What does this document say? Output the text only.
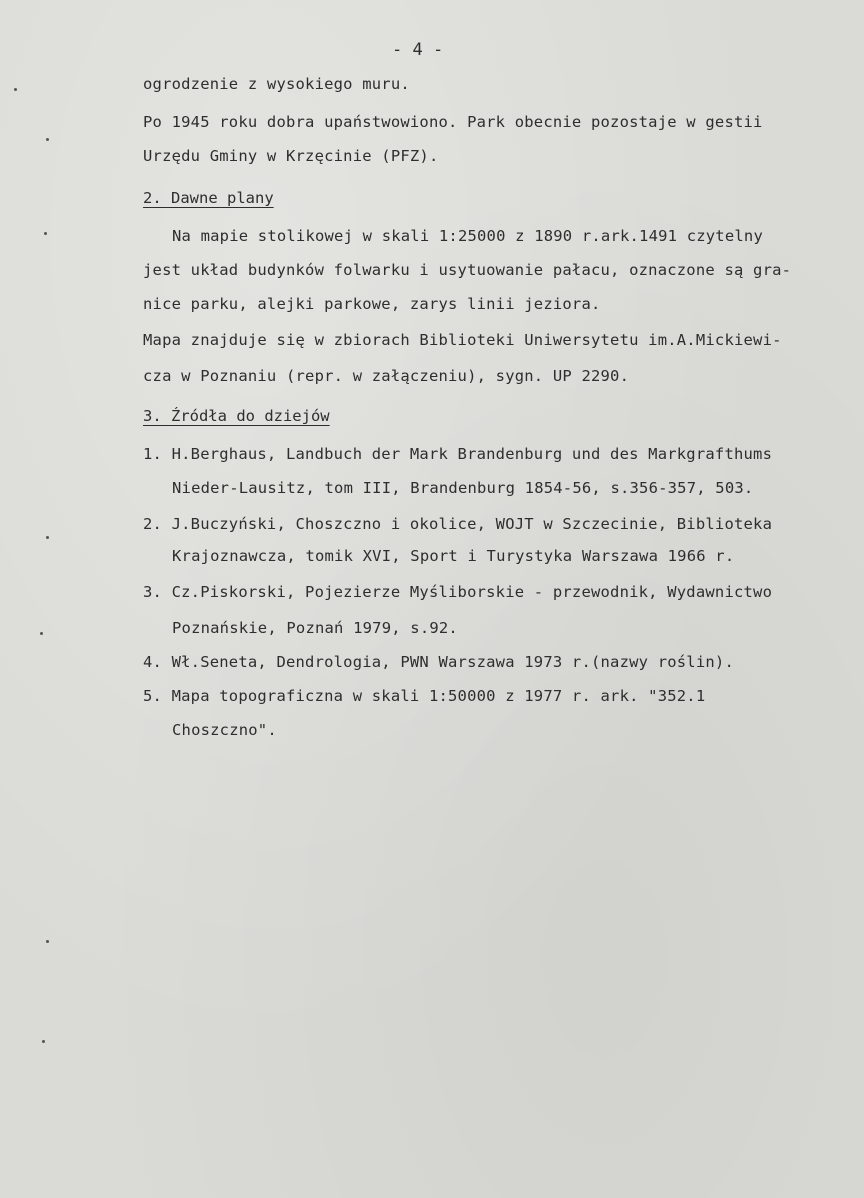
- 4 -
ogrodzenie z wysokiego muru.
Po 1945 roku dobra upaństwowiono. Park obecnie pozostaje w gestii
Urzędu Gminy w Krzęcinie (PFZ).
2. Dawne plany
Na mapie stolikowej w skali 1:25000 z 1890 r.ark.1491 czytelny
jest układ budynków folwarku i usytuowanie pałacu, oznaczone są gra-
nice parku, alejki parkowe, zarys linii jeziora.
Mapa znajduje się w zbiorach Biblioteki Uniwersytetu im.A.Mickiewi-
cza w Poznaniu (repr. w załączeniu), sygn. UP 2290.
3. Źródła do dziejów
1. H.Berghaus, Landbuch der Mark Brandenburg und des Markgrafthums
Nieder-Lausitz, tom III, Brandenburg 1854-56, s.356-357, 503.
2. J.Buczyński, Choszczno i okolice, WOJT w Szczecinie, Biblioteka
Krajoznawcza, tomik XVI, Sport i Turystyka Warszawa 1966 r.
3. Cz.Piskorski, Pojezierze Myśliborskie - przewodnik, Wydawnictwo
Poznańskie, Poznań 1979, s.92.
4. Wł.Seneta, Dendrologia, PWN Warszawa 1973 r.(nazwy roślin).
5. Mapa topograficzna w skali 1:50000 z 1977 r. ark. "352.1
Choszczno".
